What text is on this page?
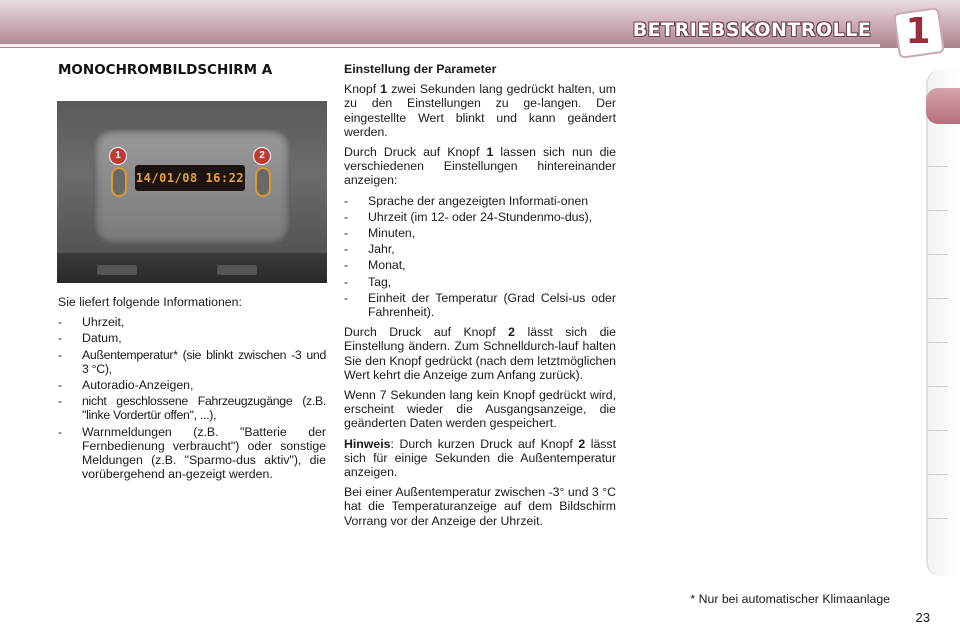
BETRIEBSKONTROLLE 1
MONOCHROMBILDSCHIRM A
14/01/08 16:22
1	2

Sie liefert folgende Informationen:

-	Uhrzeit,
-	Datum,
-	Außentemperatur* (sie blinkt zwischen -3 und 3 °C),
-	Autoradio-Anzeigen,
-	nicht geschlossene Fahrzeugzugänge (z.B. "linke Vordertür offen", ...),
-	Warnmeldungen (z.B. "Batterie der Fernbedienung verbraucht") oder sonstige Meldungen (z.B. "Sparmo-dus aktiv"), die vorübergehend an-gezeigt werden.

Einstellung der Parameter

Knopf 1 zwei Sekunden lang gedrückt halten, um zu den Einstellungen zu ge-langen. Der eingestellte Wert blinkt und kann geändert werden.

Durch Druck auf Knopf 1 lassen sich nun die verschiedenen Einstellungen hintereinander anzeigen:

-	Sprache der angezeigten Informati-onen
-	Uhrzeit (im 12- oder 24-Stundenmo-dus),
-	Minuten,
-	Jahr,
-	Monat,
-	Tag,
-	Einheit der Temperatur (Grad Celsi-us oder Fahrenheit).

Durch Druck auf Knopf 2 lässt sich die Einstellung ändern. Zum Schnelldurch-lauf halten Sie den Knopf gedrückt (nach dem letztmöglichen Wert kehrt die Anzeige zum Anfang zurück).

Wenn 7 Sekunden lang kein Knopf gedrückt wird, erscheint wieder die Ausgangsanzeige, die geänderten Daten werden gespeichert.

Hinweis: Durch kurzen Druck auf Knopf 2 lässt sich für einige Sekunden die Außentemperatur anzeigen.

Bei einer Außentemperatur zwischen -3° und 3 °C hat die Temperaturanzeige auf dem Bildschirm Vorrang vor der Anzeige der Uhrzeit.

* Nur bei automatischer Klimaanlage
23
